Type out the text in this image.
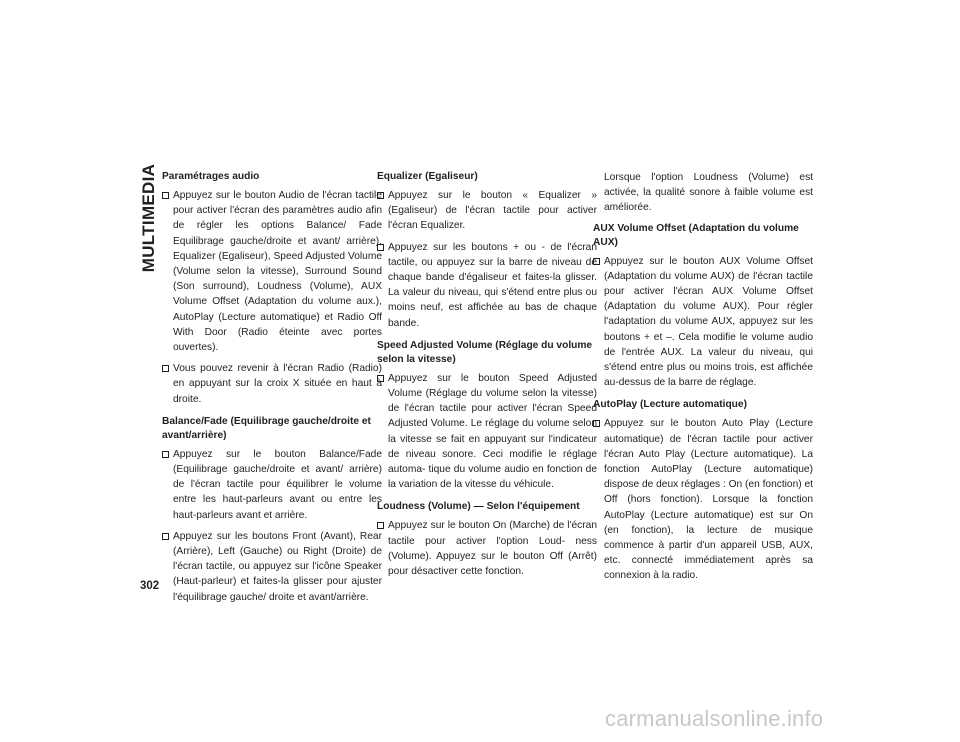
MULTIMEDIA
302

Paramétrages audio

Appuyez sur le bouton Audio de l'écran tactile pour activer l'écran des paramètres audio afin de régler les options Balance/ Fade Equilibrage gauche/droite et avant/ arrière), Equalizer (Egaliseur), Speed Adjusted Volume (Volume selon la vitesse), Surround Sound (Son surround), Loudness (Volume), AUX Volume Offset (Adaptation du volume aux.), AutoPlay (Lecture automatique) et Radio Off With Door (Radio éteinte avec portes ouvertes).

Vous pouvez revenir à l'écran Radio (Radio) en appuyant sur la croix X située en haut à droite.

Balance/Fade (Equilibrage gauche/droite et avant/arrière)

Appuyez sur le bouton Balance/Fade (Equilibrage gauche/droite et avant/ arrière) de l'écran tactile pour équilibrer le volume entre les haut-parleurs avant ou entre les haut-parleurs avant et arrière.

Appuyez sur les boutons Front (Avant), Rear (Arrière), Left (Gauche) ou Right (Droite) de l'écran tactile, ou appuyez sur l'icône Speaker (Haut-parleur) et faites-la glisser pour ajuster l'équilibrage gauche/ droite et avant/arrière.

Equalizer (Egaliseur)

Appuyez sur le bouton « Equalizer » (Egaliseur) de l'écran tactile pour activer l'écran Equalizer.

Appuyez sur les boutons + ou - de l'écran tactile, ou appuyez sur la barre de niveau de chaque bande d'égaliseur et faites-la glisser. La valeur du niveau, qui s'étend entre plus ou moins neuf, est affichée au bas de chaque bande.

Speed Adjusted Volume (Réglage du volume selon la vitesse)

Appuyez sur le bouton Speed Adjusted Volume (Réglage du volume selon la vitesse) de l'écran tactile pour activer l'écran Speed Adjusted Volume. Le réglage du volume selon la vitesse se fait en appuyant sur l'indicateur de niveau sonore. Ceci modifie le réglage automa- tique du volume audio en fonction de la variation de la vitesse du véhicule.

Loudness (Volume) — Selon l'équipement

Appuyez sur le bouton On (Marche) de l'écran tactile pour activer l'option Loud- ness (Volume). Appuyez sur le bouton Off (Arrêt) pour désactiver cette fonction.

Lorsque l'option Loudness (Volume) est activée, la qualité sonore à faible volume est améliorée.

AUX Volume Offset (Adaptation du volume AUX)

Appuyez sur le bouton AUX Volume Offset (Adaptation du volume AUX) de l'écran tactile pour activer l'écran AUX Volume Offset (Adaptation du volume AUX). Pour régler l'adaptation du volume AUX, appuyez sur les boutons + et –. Cela modifie le volume audio de l'entrée AUX. La valeur du niveau, qui s'étend entre plus ou moins trois, est affichée au-dessus de la barre de réglage.

AutoPlay (Lecture automatique)

Appuyez sur le bouton Auto Play (Lecture automatique) de l'écran tactile pour activer l'écran Auto Play (Lecture automatique). La fonction AutoPlay (Lecture automatique) dispose de deux réglages : On (en fonction) et Off (hors fonction). Lorsque la fonction AutoPlay (Lecture automatique) est sur On (en fonction), la lecture de musique commence à partir d'un appareil USB, AUX, etc. connecté immédiatement après sa connexion à la radio.

carmanualsonline.info
